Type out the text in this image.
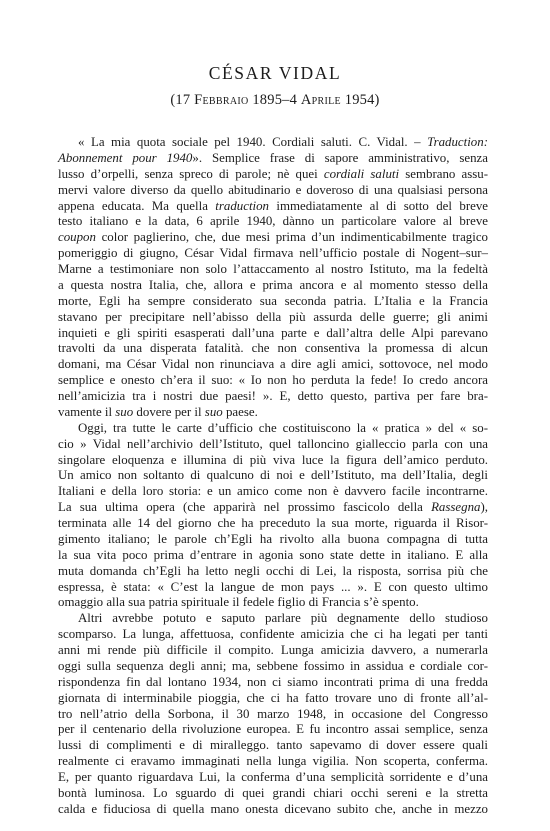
CÉSAR VIDAL
(17 Febbraio 1895–4 Aprile 1954)
« La mia quota sociale pel 1940. Cordiali saluti. C. Vidal. – Traduction:
Abonnement pour 1940». Semplice frase di sapore amministrativo, senza
lusso d’orpelli, senza spreco di parole; nè quei cordiali saluti sembrano assu-
mervi valore diverso da quello abitudinario e doveroso di una qualsiasi persona
appena educata. Ma quella traduction immediatamente al di sotto del breve
testo italiano e la data, 6 aprile 1940, dànno un particolare valore al breve
coupon color paglierino, che, due mesi prima d’un indimenticabilmente tragico
pomeriggio di giugno, César Vidal firmava nell’ufficio postale di Nogent–sur–
Marne a testimoniare non solo l’attaccamento al nostro Istituto, ma la fedeltà
a questa nostra Italia, che, allora e prima ancora e al momento stesso della
morte, Egli ha sempre considerato sua seconda patria. L’Italia e la Francia
stavano per precipitare nell’abisso della più assurda delle guerre; gli animi
inquieti e gli spiriti esasperati dall’una parte e dall’altra delle Alpi parevano
travolti da una disperata fatalità. che non consentiva la promessa di alcun
domani, ma César Vidal non rinunciava a dire agli amici, sottovoce, nel modo
semplice e onesto ch’era il suo: « Io non ho perduta la fede! Io credo ancora
nell’amicizia tra i nostri due paesi! ». E, detto questo, partiva per fare bra-
vamente il suo dovere per il suo paese.
Oggi, tra tutte le carte d’ufficio che costituiscono la « pratica » del « so-
cio » Vidal nell’archivio dell’Istituto, quel talloncino gialleccio parla con una
singolare eloquenza e illumina di più viva luce la figura dell’amico perduto.
Un amico non soltanto di qualcuno di noi e dell’Istituto, ma dell’Italia, degli
Italiani e della loro storia: e un amico come non è davvero facile incontrarne.
La sua ultima opera (che apparirà nel prossimo fascicolo della Rassegna),
terminata alle 14 del giorno che ha preceduto la sua morte, riguarda il Risor-
gimento italiano; le parole ch’Egli ha rivolto alla buona compagna di tutta
la sua vita poco prima d’entrare in agonia sono state dette in italiano. E alla
muta domanda ch’Egli ha letto negli occhi di Lei, la risposta, sorrisa più che
espressa, è stata: « C’est la langue de mon pays ... ». E con questo ultimo
omaggio alla sua patria spirituale il fedele figlio di Francia s’è spento.
Altri avrebbe potuto e saputo parlare più degnamente dello studioso
scomparso. La lunga, affettuosa, confidente amicizia che ci ha legati per tanti
anni mi rende più difficile il compito. Lunga amicizia davvero, a numerarla
oggi sulla sequenza degli anni; ma, sebbene fossimo in assidua e cordiale cor-
rispondenza fin dal lontano 1934, non ci siamo incontrati prima di una fredda
giornata di interminabile pioggia, che ci ha fatto trovare uno di fronte all’al-
tro nell’atrio della Sorbona, il 30 marzo 1948, in occasione del Congresso
per il centenario della rivoluzione europea. E fu incontro assai semplice, senza
lussi di complimenti e di miralleggo. tanto sapevamo di dover essere quali
realmente ci eravamo immaginati nella lunga vigilia. Non scoperta, conferma.
E, per quanto riguardava Lui, la conferma d’una semplicità sorridente e d’una
bontà luminosa. Lo sguardo di quei grandi chiari occhi sereni e la stretta
calda e fiduciosa di quella mano onesta dicevano subito che, anche in mezzo
